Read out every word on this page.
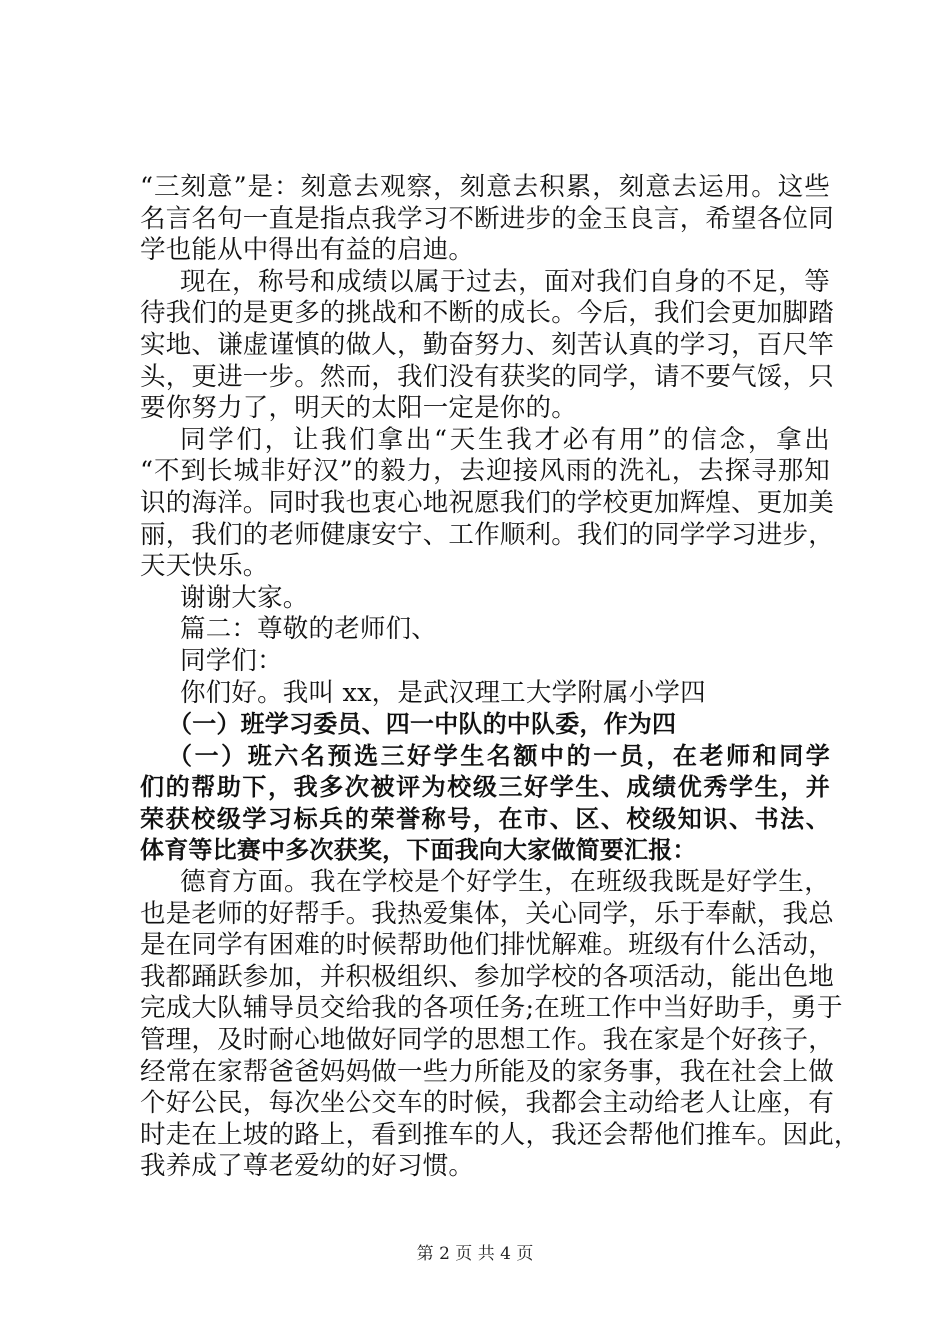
“三刻意”是：刻意去观察，刻意去积累，刻意去运用。这些
名言名句一直是指点我学习不断进步的金玉良言，希望各位同
学也能从中得出有益的启迪。
现在，称号和成绩以属于过去，面对我们自身的不足，等
待我们的是更多的挑战和不断的成长。今后，我们会更加脚踏
实地、谦虚谨慎的做人，勤奋努力、刻苦认真的学习，百尺竿
头，更进一步。然而，我们没有获奖的同学，请不要气馁，只
要你努力了，明天的太阳一定是你的。
同学们，让我们拿出“天生我才必有用”的信念，拿出
“不到长城非好汉”的毅力，去迎接风雨的洗礼，去探寻那知
识的海洋。同时我也衷心地祝愿我们的学校更加辉煌、更加美
丽，我们的老师健康安宁、工作顺利。我们的同学学习进步，
天天快乐。
谢谢大家。
篇二：尊敬的老师们、
同学们：
你们好。我叫 xx，是武汉理工大学附属小学四
（一）班学习委员、四一中队的中队委，作为四
（一）班六名预选三好学生名额中的一员，在老师和同学
们的帮助下，我多次被评为校级三好学生、成绩优秀学生，并
荣获校级学习标兵的荣誉称号，在市、区、校级知识、书法、
体育等比赛中多次获奖，下面我向大家做简要汇报：
德育方面。我在学校是个好学生，在班级我既是好学生，
也是老师的好帮手。我热爱集体，关心同学，乐于奉献，我总
是在同学有困难的时候帮助他们排忧解难。班级有什么活动，
我都踊跃参加，并积极组织、参加学校的各项活动，能出色地
完成大队辅导员交给我的各项任务;在班工作中当好助手，勇于
管理，及时耐心地做好同学的思想工作。我在家是个好孩子，
经常在家帮爸爸妈妈做一些力所能及的家务事，我在社会上做
个好公民，每次坐公交车的时候，我都会主动给老人让座，有
时走在上坡的路上，看到推车的人，我还会帮他们推车。因此，
我养成了尊老爱幼的好习惯。
第 2 页 共 4 页
